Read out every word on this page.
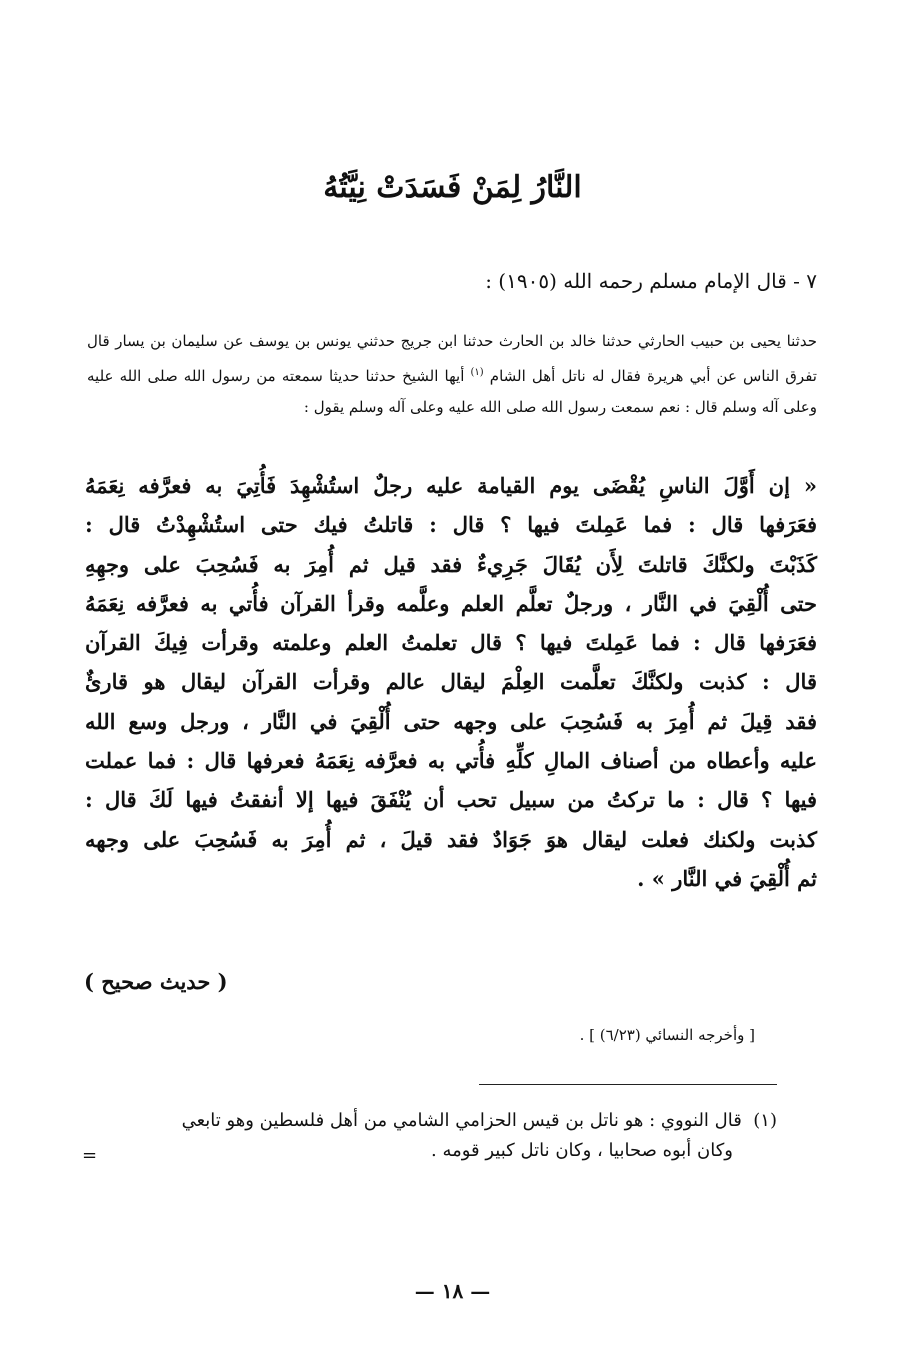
النَّارُ لِمَنْ فَسَدَتْ نِيَّتُهُ
٧ - قال الإمام مسلم رحمه الله (١٩٠٥) :
حدثنا يحيى بن حبيب الحارثي حدثنا خالد بن الحارث حدثنا ابن جريج حدثني يونس بن يوسف عن سليمان بن يسار قال تفرق الناس عن أبي هريرة فقال له ناتل أهل الشام $^{(١)}$ أيها الشيخ حدثنا حديثا سمعته من رسول الله صلى الله عليه وعلى آله وسلم قال : نعم سمعت رسول الله صلى الله عليه وعلى آله وسلم يقول :
« إن أَوَّلَ الناسِ يُقْضَى يوم القيامة عليه رجلٌ استُشْهِدَ فَأُتِيَ به فعرَّفه نِعَمَهُ
فعَرَفها قال : فما عَمِلتَ فيها ؟ قال : قاتلتُ فيك حتى استُشْهِدْتُ قال :
كَذَبْتَ ولكنَّكَ قاتلتَ لِأَن يُقَالَ جَرِيءٌ فقد قيل ثم أُمِرَ به فَسُحِبَ على وجهِهِ
حتى أُلْقِيَ في النَّار ، ورجلٌ تعلَّم العلم وعلَّمه وقرأ القرآن فأُتي به فعرَّفه نِعَمَهُ
فعَرَفها قال : فما عَمِلتَ فيها ؟ قال تعلمتُ العلم وعلمته وقرأت فِيكَ القرآن
قال : كذبت ولكنَّكَ تعلَّمت العِلْمَ ليقال عالم وقرأت القرآن ليقال هو قارئٌ
فقد قِيلَ ثم أُمِرَ به فَسُحِبَ على وجهه حتى أُلْقِيَ في النَّار ، ورجل وسع الله
عليه وأعطاه من أصناف المالِ كلِّهِ فأُتي به فعرَّفه نِعَمَهُ فعرفها قال : فما عملت
فيها ؟ قال : ما تركتُ من سبيل تحب أن يُنْفَقَ فيها إلا أنفقتُ فيها لَكَ قال :
كذبت ولكنك فعلت ليقال هوَ جَوَادٌ فقد قيلَ ، ثم أُمِرَ به فَسُحِبَ على وجهه
ثم أُلْقِيَ في النَّار » .
( حديث صحيح )
[ وأخرجه النسائي (٦/٢٣) ] .
(١)  قال النووي : هو ناتل بن قيس الحزامي الشامي من أهل فلسطين وهو تابعي
وكان أبوه صحابيا ، وكان ناتل كبير قومه .
=
— ١٨ —
